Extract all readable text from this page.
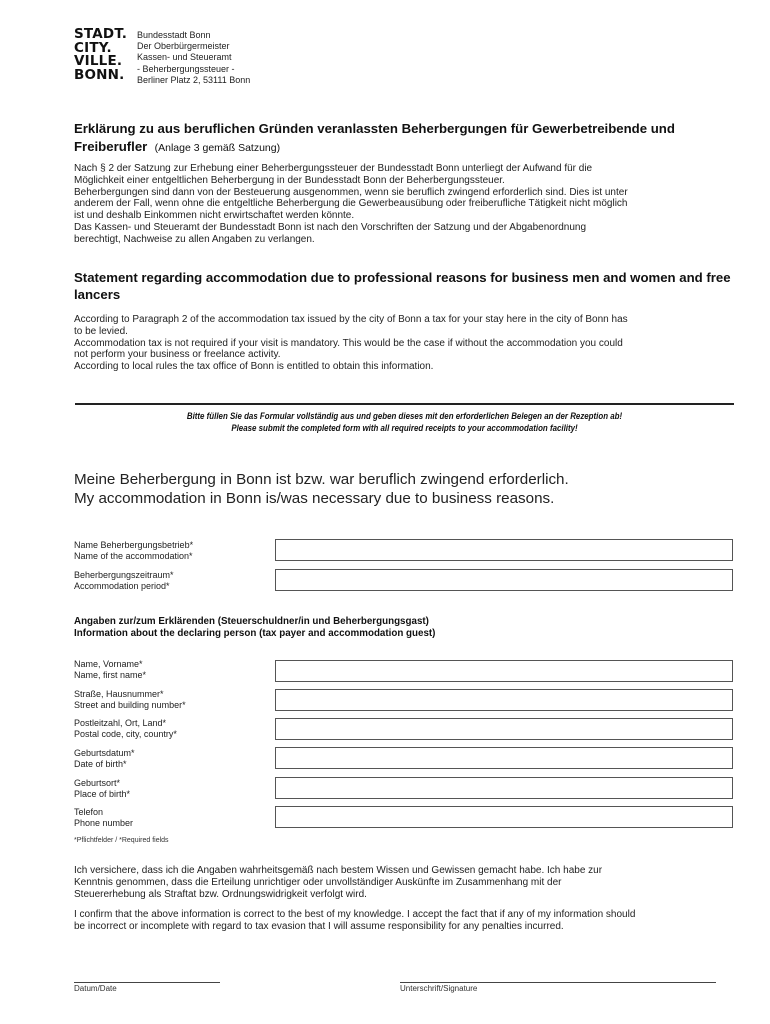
STADT.
CITY.
VILLE.
BONN.
Bundesstadt Bonn
Der Oberbürgermeister
Kassen- und Steueramt
- Beherbergungssteuer -
Berliner Platz 2, 53111 Bonn
Erklärung zu aus beruflichen Gründen veranlassten Beherbergungen für Gewerbetreibende und Freiberufler (Anlage 3 gemäß Satzung)
Nach § 2 der Satzung zur Erhebung einer Beherbergungssteuer der Bundesstadt Bonn unterliegt der Aufwand für die
Möglichkeit einer entgeltlichen Beherbergung in der Bundesstadt Bonn der Beherbergungssteuer.
Beherbergungen sind dann von der Besteuerung ausgenommen, wenn sie beruflich zwingend erforderlich sind. Dies ist unter
anderem der Fall, wenn ohne die entgeltliche Beherbergung die Gewerbeausübung oder freiberufliche Tätigkeit nicht möglich
ist und deshalb Einkommen nicht erwirtschaftet werden könnte.
Das Kassen- und Steueramt der Bundesstadt Bonn ist nach den Vorschriften der Satzung und der Abgabenordnung
berechtigt, Nachweise zu allen Angaben zu verlangen.
Statement regarding accommodation due to professional reasons for business men and women and free lancers
According to Paragraph 2 of the accommodation tax issued by the city of Bonn a tax for your stay here in the city of Bonn has
to be levied.
Accommodation tax is not required if your visit is mandatory. This would be the case if without the accommodation you could
not perform your business or freelance activity.
According to local rules the tax office of Bonn is entitled to obtain this information.
Bitte füllen Sie das Formular vollständig aus und geben dieses mit den erforderlichen Belegen an der Rezeption ab!
Please submit the completed form with all required receipts to your accommodation facility!
Meine Beherbergung in Bonn ist bzw. war beruflich zwingend erforderlich.
My accommodation in Bonn is/was necessary due to business reasons.
Name Beherbergungsbetrieb*
Name of the accommodation*
Beherbergungszeitraum*
Accommodation period*
Angaben zur/zum Erklärenden (Steuerschuldner/in und Beherbergungsgast)
Information about the declaring person (tax payer and accommodation guest)
Name, Vorname*
Name, first name*
Straße, Hausnummer*
Street and building number*
Postleitzahl, Ort, Land*
Postal code, city, country*
Geburtsdatum*
Date of birth*
Geburtsort*
Place of birth*
Telefon
Phone number
*Pflichtfelder / *Required fields
Ich versichere, dass ich die Angaben wahrheitsgemäß nach bestem Wissen und Gewissen gemacht habe. Ich habe zur
Kenntnis genommen, dass die Erteilung unrichtiger oder unvollständiger Auskünfte im Zusammenhang mit der
Steuererhebung als Straftat bzw. Ordnungswidrigkeit verfolgt wird.
I confirm that the above information is correct to the best of my knowledge. I accept the fact that if any of my information should
be incorrect or incomplete with regard to tax evasion that I will assume responsibility for any penalties incurred.
Datum/Date	Unterschrift/Signature
